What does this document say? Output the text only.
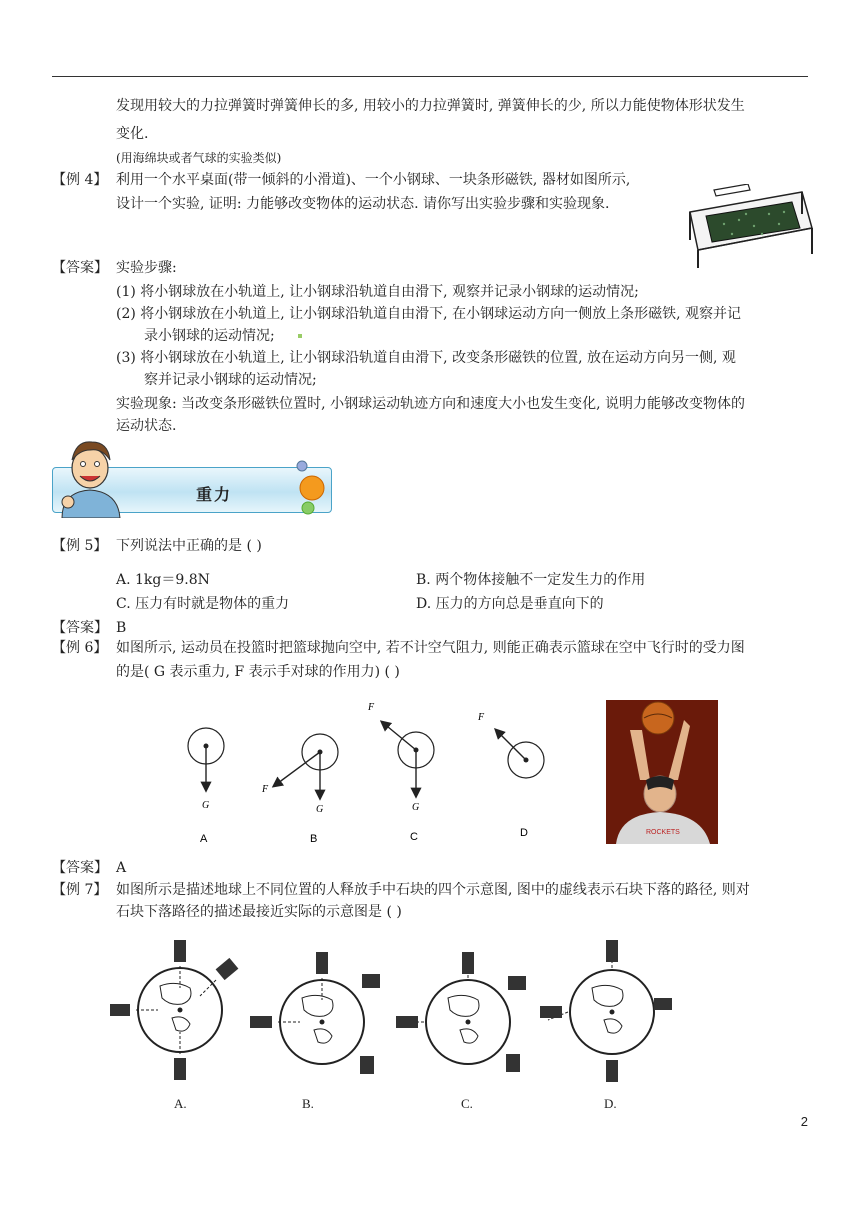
发现用较大的力拉弹簧时弹簧伸长的多, 用较小的力拉弹簧时, 弹簧伸长的少, 所以力能使物体形状发生
变化.
(用海绵块或者气球的实验类似)
【例 4】 利用一个水平桌面(带一倾斜的小滑道)、一个小钢球、一块条形磁铁, 器材如图所示,
设计一个实验, 证明: 力能够改变物体的运动状态. 请你写出实验步骤和实验现象.
【答案】 实验步骤:
(1) 将小钢球放在小轨道上, 让小钢球沿轨道自由滑下, 观察并记录小钢球的运动情况;
(2) 将小钢球放在小轨道上, 让小钢球沿轨道自由滑下, 在小钢球运动方向一侧放上条形磁铁, 观察并记
录小钢球的运动情况;
(3) 将小钢球放在小轨道上, 让小钢球沿轨道自由滑下, 改变条形磁铁的位置, 放在运动方向另一侧, 观
察并记录小钢球的运动情况;
实验现象: 当改变条形磁铁位置时, 小钢球运动轨迹方向和速度大小也发生变化, 说明力能够改变物体的
运动状态.
重力
【例 5】 下列说法中正确的是 ( )
A. 1kg＝9.8N	B. 两个物体接触不一定发生力的作用
C. 压力有时就是物体的重力	D. 压力的方向总是垂直向下的
【答案】 B
【例 6】 如图所示, 运动员在投篮时把篮球抛向空中, 若不计空气阻力, 则能正确表示篮球在空中飞行时的受力图
的是( G 表示重力, F 表示手对球的作用力) ( )
G	G
F
G
F
F
A	B	C	D	ROCKETS
【答案】 A
【例 7】 如图所示是描述地球上不同位置的人释放手中石块的四个示意图, 图中的虚线表示石块下落的路径, 则对
石块下落路径的描述最接近实际的示意图是 ( )
A.	B.	C.	D.
2
